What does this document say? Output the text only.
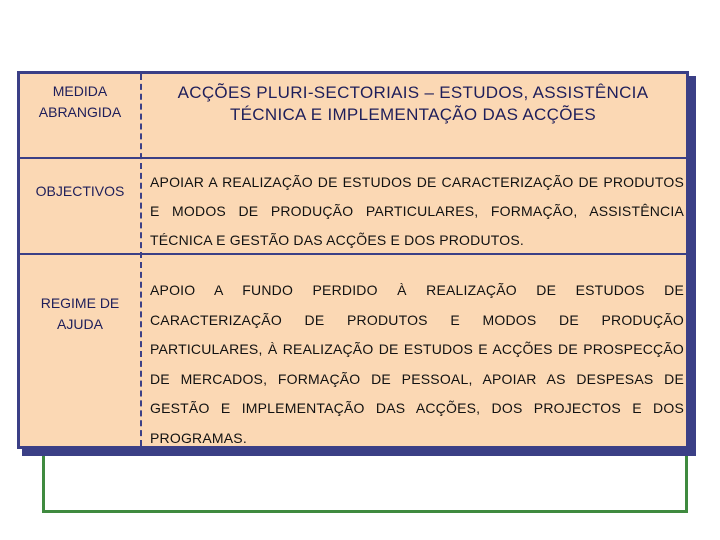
MEDIDA ABRANGIDA
ACÇÕES PLURI-SECTORIAIS – ESTUDOS, ASSISTÊNCIA TÉCNICA E IMPLEMENTAÇÃO DAS ACÇÕES
OBJECTIVOS
APOIAR A REALIZAÇÃO DE ESTUDOS DE CARACTERIZAÇÃO DE PRODUTOS E MODOS DE PRODUÇÃO PARTICULARES, FORMAÇÃO, ASSISTÊNCIA TÉCNICA E GESTÃO DAS ACÇÕES E DOS PRODUTOS.
REGIME DE AJUDA
APOIO A FUNDO PERDIDO À REALIZAÇÃO DE ESTUDOS DE CARACTERIZAÇÃO DE PRODUTOS E MODOS DE PRODUÇÃO PARTICULARES, À REALIZAÇÃO DE ESTUDOS E ACÇÕES DE PROSPECÇÃO DE MERCADOS, FORMAÇÃO DE PESSOAL, APOIAR AS DESPESAS DE GESTÃO E IMPLEMENTAÇÃO DAS ACÇÕES, DOS PROJECTOS E DOS PROGRAMAS.
